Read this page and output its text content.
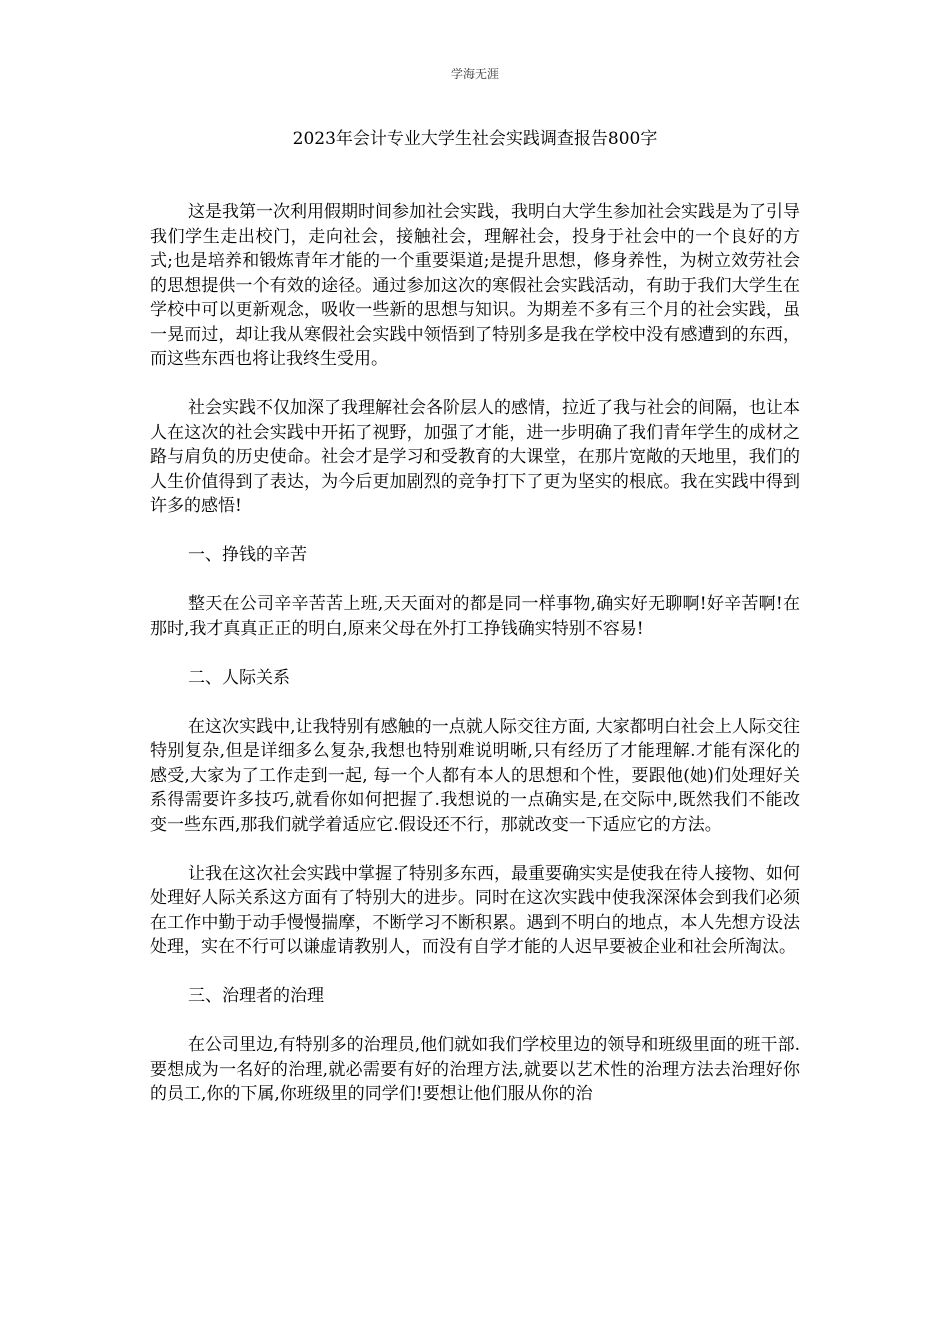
学海无涯
2023年会计专业大学生社会实践调查报告800字

这是我第一次利用假期时间参加社会实践，我明白大学生参加社会实践是为了引导我们学生走出校门，走向社会，接触社会，理解社会，投身于社会中的一个良好的方式;也是培养和锻炼青年才能的一个重要渠道;是提升思想，修身养性，为树立效劳社会的思想提供一个有效的途径。通过参加这次的寒假社会实践活动，有助于我们大学生在学校中可以更新观念，吸收一些新的思想与知识。为期差不多有三个月的社会实践，虽一晃而过，却让我从寒假社会实践中领悟到了特别多是我在学校中没有感遭到的东西，而这些东西也将让我终生受用。

社会实践不仅加深了我理解社会各阶层人的感情，拉近了我与社会的间隔，也让本人在这次的社会实践中开拓了视野，加强了才能，进一步明确了我们青年学生的成材之路与肩负的历史使命。社会才是学习和受教育的大课堂，在那片宽敞的天地里，我们的人生价值得到了表达，为今后更加剧烈的竞争打下了更为坚实的根底。我在实践中得到许多的感悟!

一、挣钱的辛苦

整天在公司辛辛苦苦上班,天天面对的都是同一样事物,确实好无聊啊!好辛苦啊!在那时,我才真真正正的明白,原来父母在外打工挣钱确实特别不容易!

二、人际关系

在这次实践中,让我特别有感触的一点就人际交往方面, 大家都明白社会上人际交往特别复杂,但是详细多么复杂,我想也特别难说明晰,只有经历了才能理解.才能有深化的感受,大家为了工作走到一起, 每一个人都有本人的思想和个性，要跟他(她)们处理好关系得需要许多技巧,就看你如何把握了.我想说的一点确实是,在交际中,既然我们不能改变一些东西,那我们就学着适应它.假设还不行，那就改变一下适应它的方法。

让我在这次社会实践中掌握了特别多东西，最重要确实实是使我在待人接物、如何处理好人际关系这方面有了特别大的进步。同时在这次实践中使我深深体会到我们必须在工作中勤于动手慢慢揣摩，不断学习不断积累。遇到不明白的地点，本人先想方设法处理，实在不行可以谦虚请教别人，而没有自学才能的人迟早要被企业和社会所淘汰。

三、治理者的治理

在公司里边,有特别多的治理员,他们就如我们学校里边的领导和班级里面的班干部.要想成为一名好的治理,就必需要有好的治理方法,就要以艺术性的治理方法去治理好你的员工,你的下属,你班级里的同学们!要想让他们服从你的治
